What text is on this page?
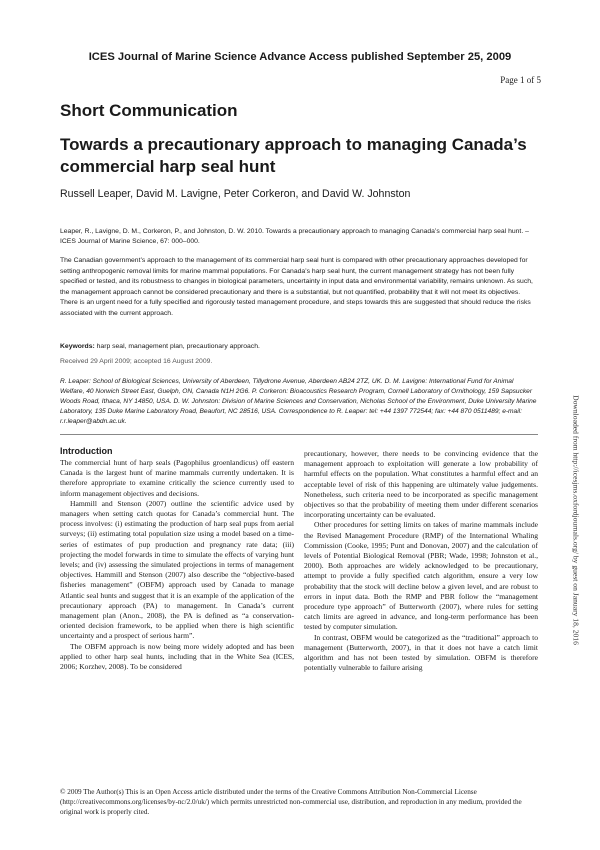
ICES Journal of Marine Science Advance Access published September 25, 2009
Page 1 of 5
Short Communication
Towards a precautionary approach to managing Canada’s commercial harp seal hunt
Russell Leaper, David M. Lavigne, Peter Corkeron, and David W. Johnston
Leaper, R., Lavigne, D. M., Corkeron, P., and Johnston, D. W. 2010. Towards a precautionary approach to managing Canada’s commercial harp seal hunt. – ICES Journal of Marine Science, 67: 000–000.
The Canadian government’s approach to the management of its commercial harp seal hunt is compared with other precautionary approaches developed for setting anthropogenic removal limits for marine mammal populations. For Canada’s harp seal hunt, the current management strategy has not been fully specified or tested, and its robustness to changes in biological parameters, uncertainty in input data and environmental variability, remains unknown. As such, the management approach cannot be considered precautionary and there is a substantial, but not quantified, probability that it will not meet its objectives. There is an urgent need for a fully specified and rigorously tested management procedure, and steps towards this are suggested that should reduce the risks associated with the current approach.
Keywords: harp seal, management plan, precautionary approach.
Received 29 April 2009; accepted 16 August 2009.
R. Leaper: School of Biological Sciences, University of Aberdeen, Tillydrone Avenue, Aberdeen AB24 2TZ, UK. D. M. Lavigne: International Fund for Animal Welfare, 40 Norwich Street East, Guelph, ON, Canada N1H 2G6. P. Corkeron: Bioacoustics Research Program, Cornell Laboratory of Ornithology, 159 Sapsucker Woods Road, Ithaca, NY 14850, USA. D. W. Johnston: Division of Marine Sciences and Conservation, Nicholas School of the Environment, Duke University Marine Laboratory, 135 Duke Marine Laboratory Road, Beaufort, NC 28516, USA. Correspondence to R. Leaper: tel: +44 1397 772544; fax: +44 870 0511489; e-mail: r.r.leaper@abdn.ac.uk.
Introduction

The commercial hunt of harp seals (Pagophilus groenlandicus) off eastern Canada is the largest hunt of marine mammals currently undertaken. It is therefore appropriate to examine critically the science currently used to inform management objectives and decisions.

Hammill and Stenson (2007) outline the scientific advice used by managers when setting catch quotas for Canada’s commercial hunt. The process involves: (i) estimating the production of harp seal pups from aerial surveys; (ii) estimating total population size using a model based on a time-series of estimates of pup production and pregnancy rate data; (iii) projecting the model forwards in time to simulate the effects of varying hunt levels; and (iv) assessing the simulated projections in terms of management objectives. Hammill and Stenson (2007) also describe the “objective-based fisheries management” (OBFM) approach used by Canada to manage Atlantic seal hunts and suggest that it is an example of the application of the precautionary approach (PA) to management. In Canada’s current management plan (Anon., 2008), the PA is defined as “a conservation-oriented decision framework, to be applied when there is high scientific uncertainty and a prospect of serious harm”.

The OBFM approach is now being more widely adopted and has been applied to other harp seal hunts, including that in the White Sea (ICES, 2006; Korzhev, 2008). To be considered

precautionary, however, there needs to be convincing evidence that the management approach to exploitation will generate a low probability of harmful effects on the population. What constitutes a harmful effect and an acceptable level of risk of this happening are ultimately value judgements. Nonetheless, such criteria need to be incorporated as specific management objectives so that the probability of meeting them under different scenarios incorporating uncertainty can be evaluated.

Other procedures for setting limits on takes of marine mammals include the Revised Management Procedure (RMP) of the International Whaling Commission (Cooke, 1995; Punt and Donovan, 2007) and the calculation of levels of Potential Biological Removal (PBR; Wade, 1998; Johnston et al., 2000). Both approaches are widely acknowledged to be precautionary, attempt to provide a fully specified catch algorithm, ensure a very low probability that the stock will decline below a given level, and are robust to errors in input data. Both the RMP and PBR follow the “management procedure type approach” of Butterworth (2007), where rules for setting catch limits are agreed in advance, and long-term performance has been tested by computer simulation.

In contrast, OBFM would be categorized as the “traditional” approach to management (Butterworth, 2007), in that it does not have a catch limit algorithm and has not been tested by simulation. OBFM is therefore potentially vulnerable to failure arising

© 2009 The Author(s) This is an Open Access article distributed under the terms of the Creative Commons Attribution Non-Commercial License (http://creativecommons.org/licenses/by-nc/2.0/uk/) which permits unrestricted non-commercial use, distribution, and reproduction in any medium, provided the original work is properly cited.
Downloaded from http://icesjms.oxfordjournals.org/ by guest on January 18, 2016
